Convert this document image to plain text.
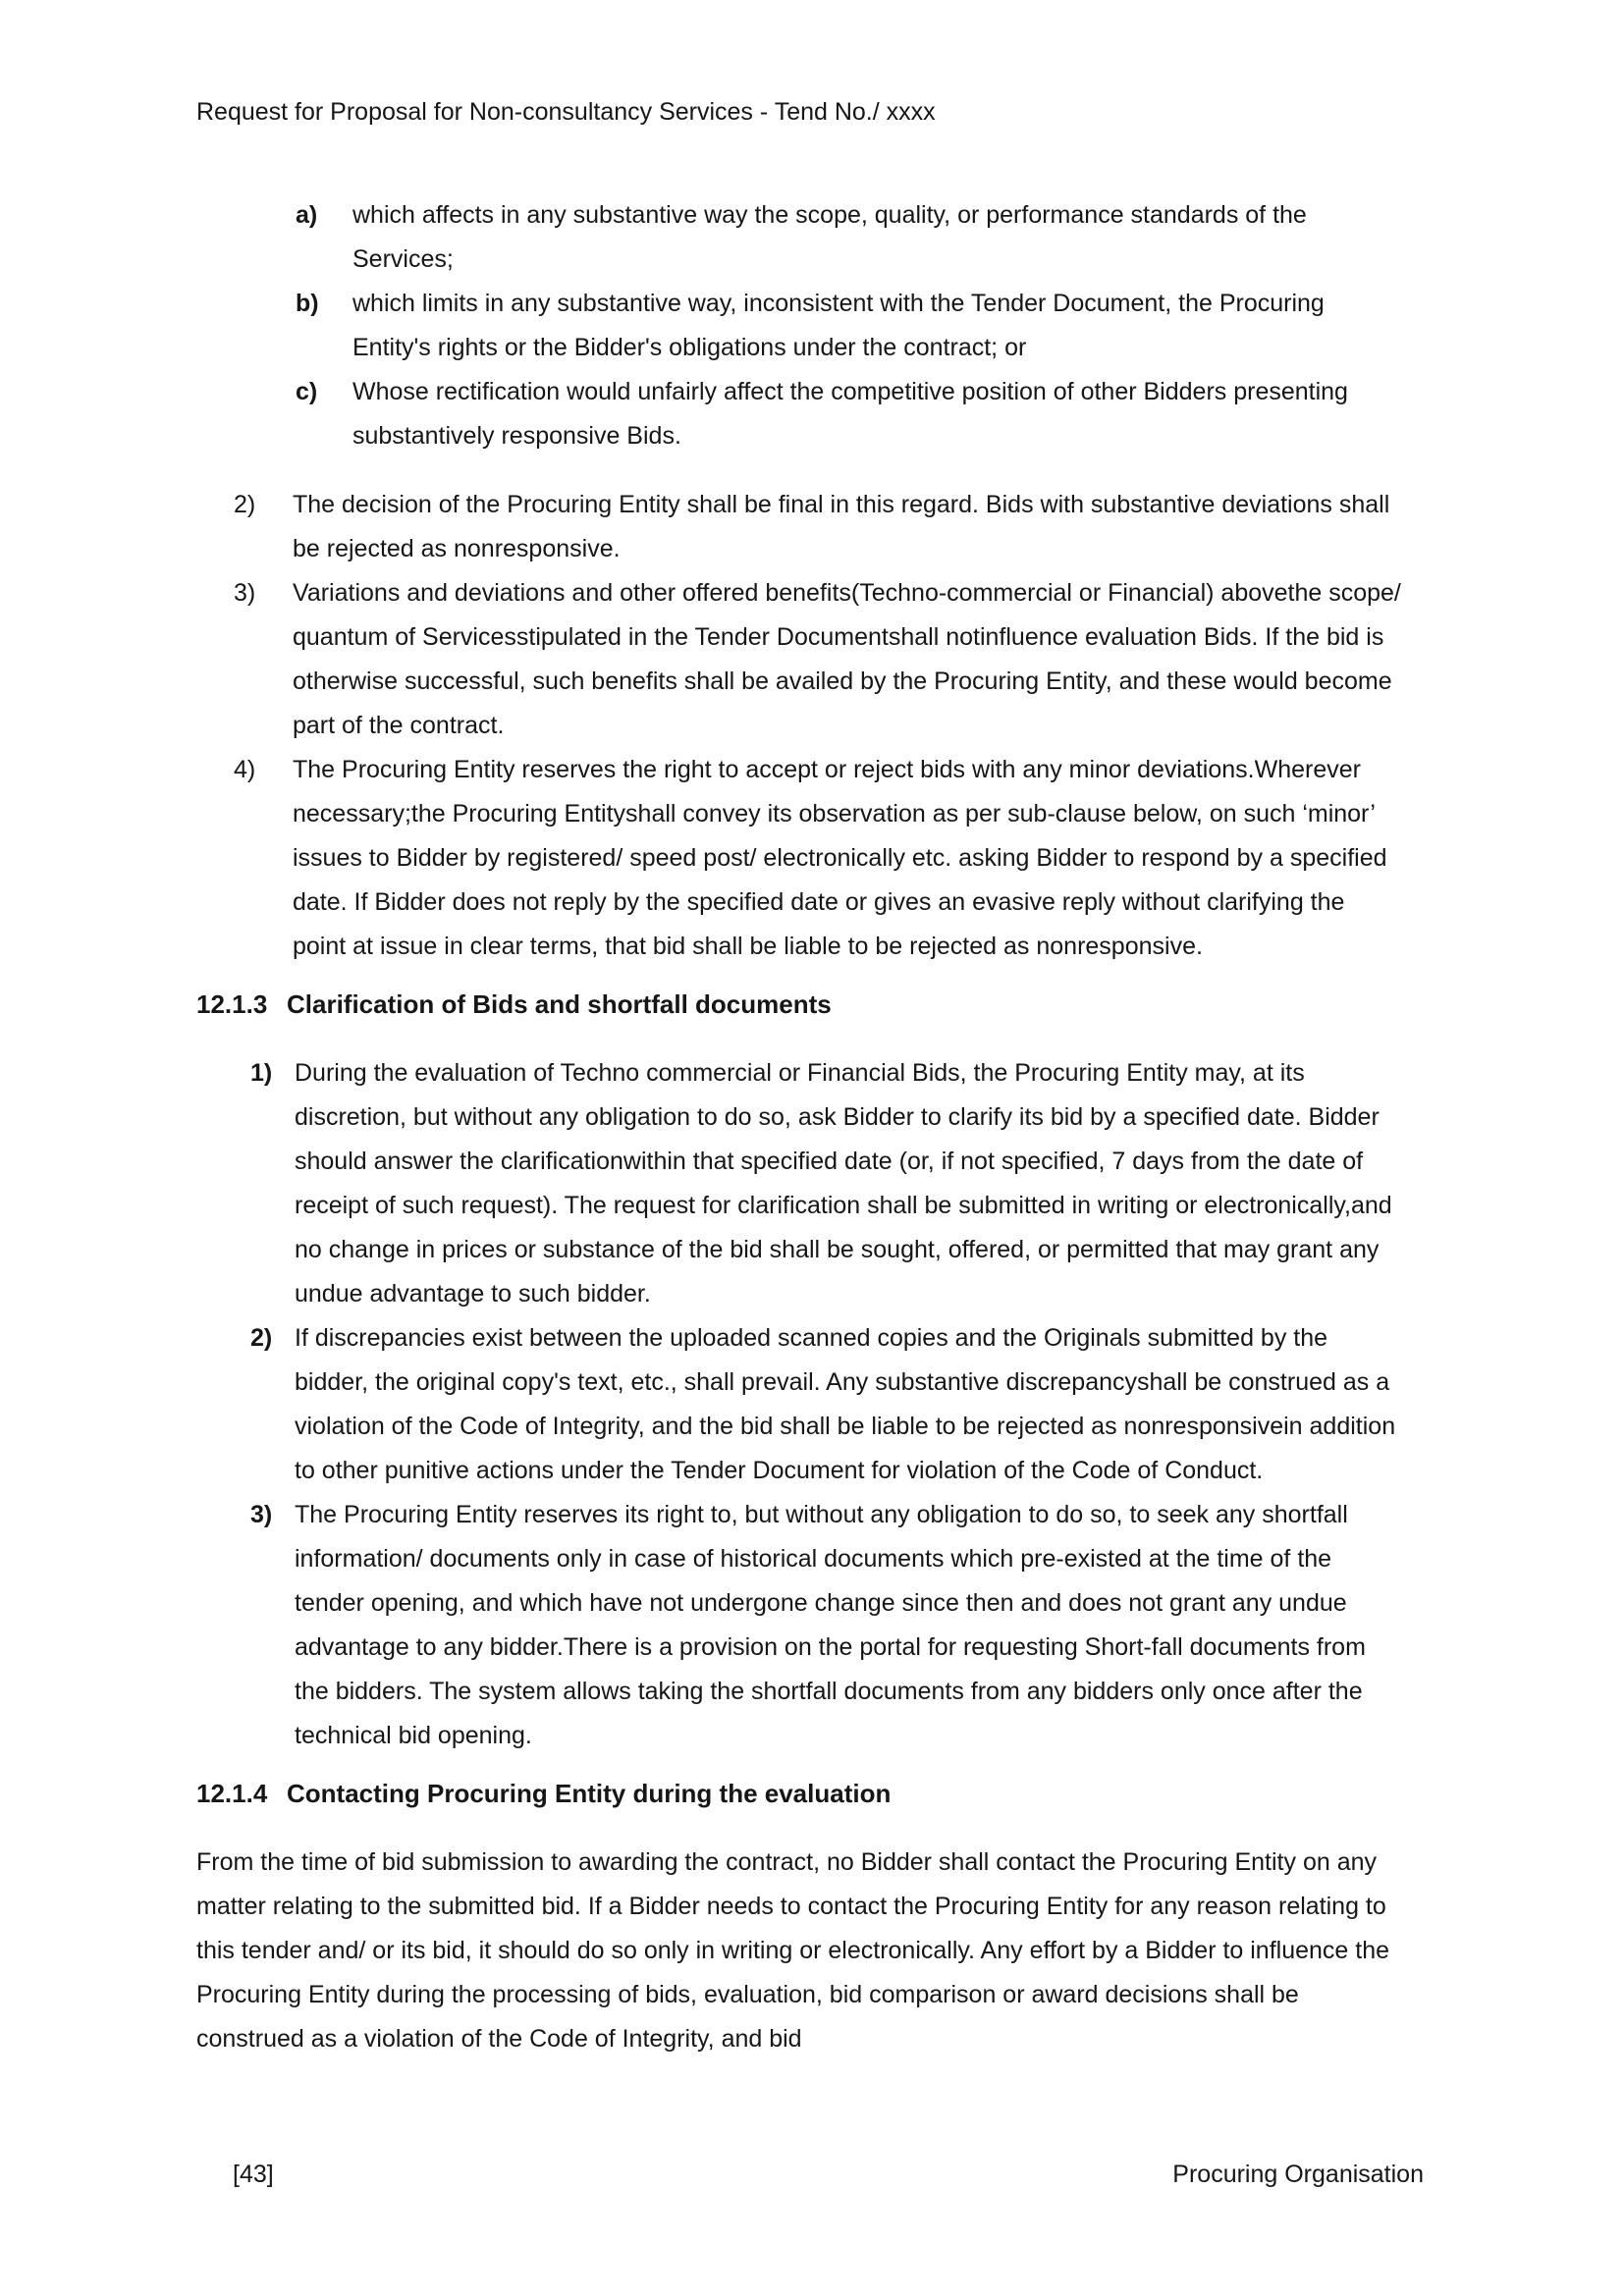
Request for Proposal for Non-consultancy Services - Tend No./ xxxx
a)	which affects in any substantive way the scope, quality, or performance standards of the Services;
b)	which limits in any substantive way, inconsistent with the Tender Document, the Procuring Entity's rights or the Bidder's obligations under the contract; or
c)	Whose rectification would unfairly affect the competitive position of other Bidders presenting substantively responsive Bids.
2)	The decision of the Procuring Entity shall be final in this regard. Bids with substantive deviations shall be rejected as nonresponsive.
3)	Variations and deviations and other offered benefits(Techno-commercial or Financial) abovethe scope/ quantum of Servicesstipulated in the Tender Documentshall notinfluence evaluation Bids. If the bid is otherwise successful, such benefits shall be availed by the Procuring Entity, and these would become part of the contract.
4)	The Procuring Entity reserves the right to accept or reject bids with any minor deviations.Wherever necessary;the Procuring Entityshall convey its observation as per sub-clause below, on such ‘minor’ issues to Bidder by registered/ speed post/ electronically etc. asking Bidder to respond by a specified date. If Bidder does not reply by the specified date or gives an evasive reply without clarifying the point at issue in clear terms, that bid shall be liable to be rejected as nonresponsive.
12.1.3 Clarification of Bids and shortfall documents
1) During the evaluation of Techno commercial or Financial Bids, the Procuring Entity may, at its discretion, but without any obligation to do so, ask Bidder to clarify its bid by a specified date. Bidder should answer the clarificationwithin that specified date (or, if not specified, 7 days from the date of receipt of such request). The request for clarification shall be submitted in writing or electronically,and no change in prices or substance of the bid shall be sought, offered, or permitted that may grant any undue advantage to such bidder.
2) If discrepancies exist between the uploaded scanned copies and the Originals submitted by the bidder, the original copy's text, etc., shall prevail. Any substantive discrepancyshall be construed as a violation of the Code of Integrity, and the bid shall be liable to be rejected as nonresponsivein addition to other punitive actions under the Tender Document for violation of the Code of Conduct.
3) The Procuring Entity reserves its right to, but without any obligation to do so, to seek any shortfall information/ documents only in case of historical documents which pre-existed at the time of the tender opening, and which have not undergone change since then and does not grant any undue advantage to any bidder.There is a provision on the portal for requesting Short-fall documents from the bidders. The system allows taking the shortfall documents from any bidders only once after the technical bid opening.
12.1.4 Contacting Procuring Entity during the evaluation

From the time of bid submission to awarding the contract, no Bidder shall contact the Procuring Entity on any matter relating to the submitted bid. If a Bidder needs to contact the Procuring Entity for any reason relating to this tender and/ or its bid, it should do so only in writing or electronically. Any effort by a Bidder to influence the Procuring Entity during the processing of bids, evaluation, bid comparison or award decisions shall be construed as a violation of the Code of Integrity, and bid

[43]	Procuring Organisation
